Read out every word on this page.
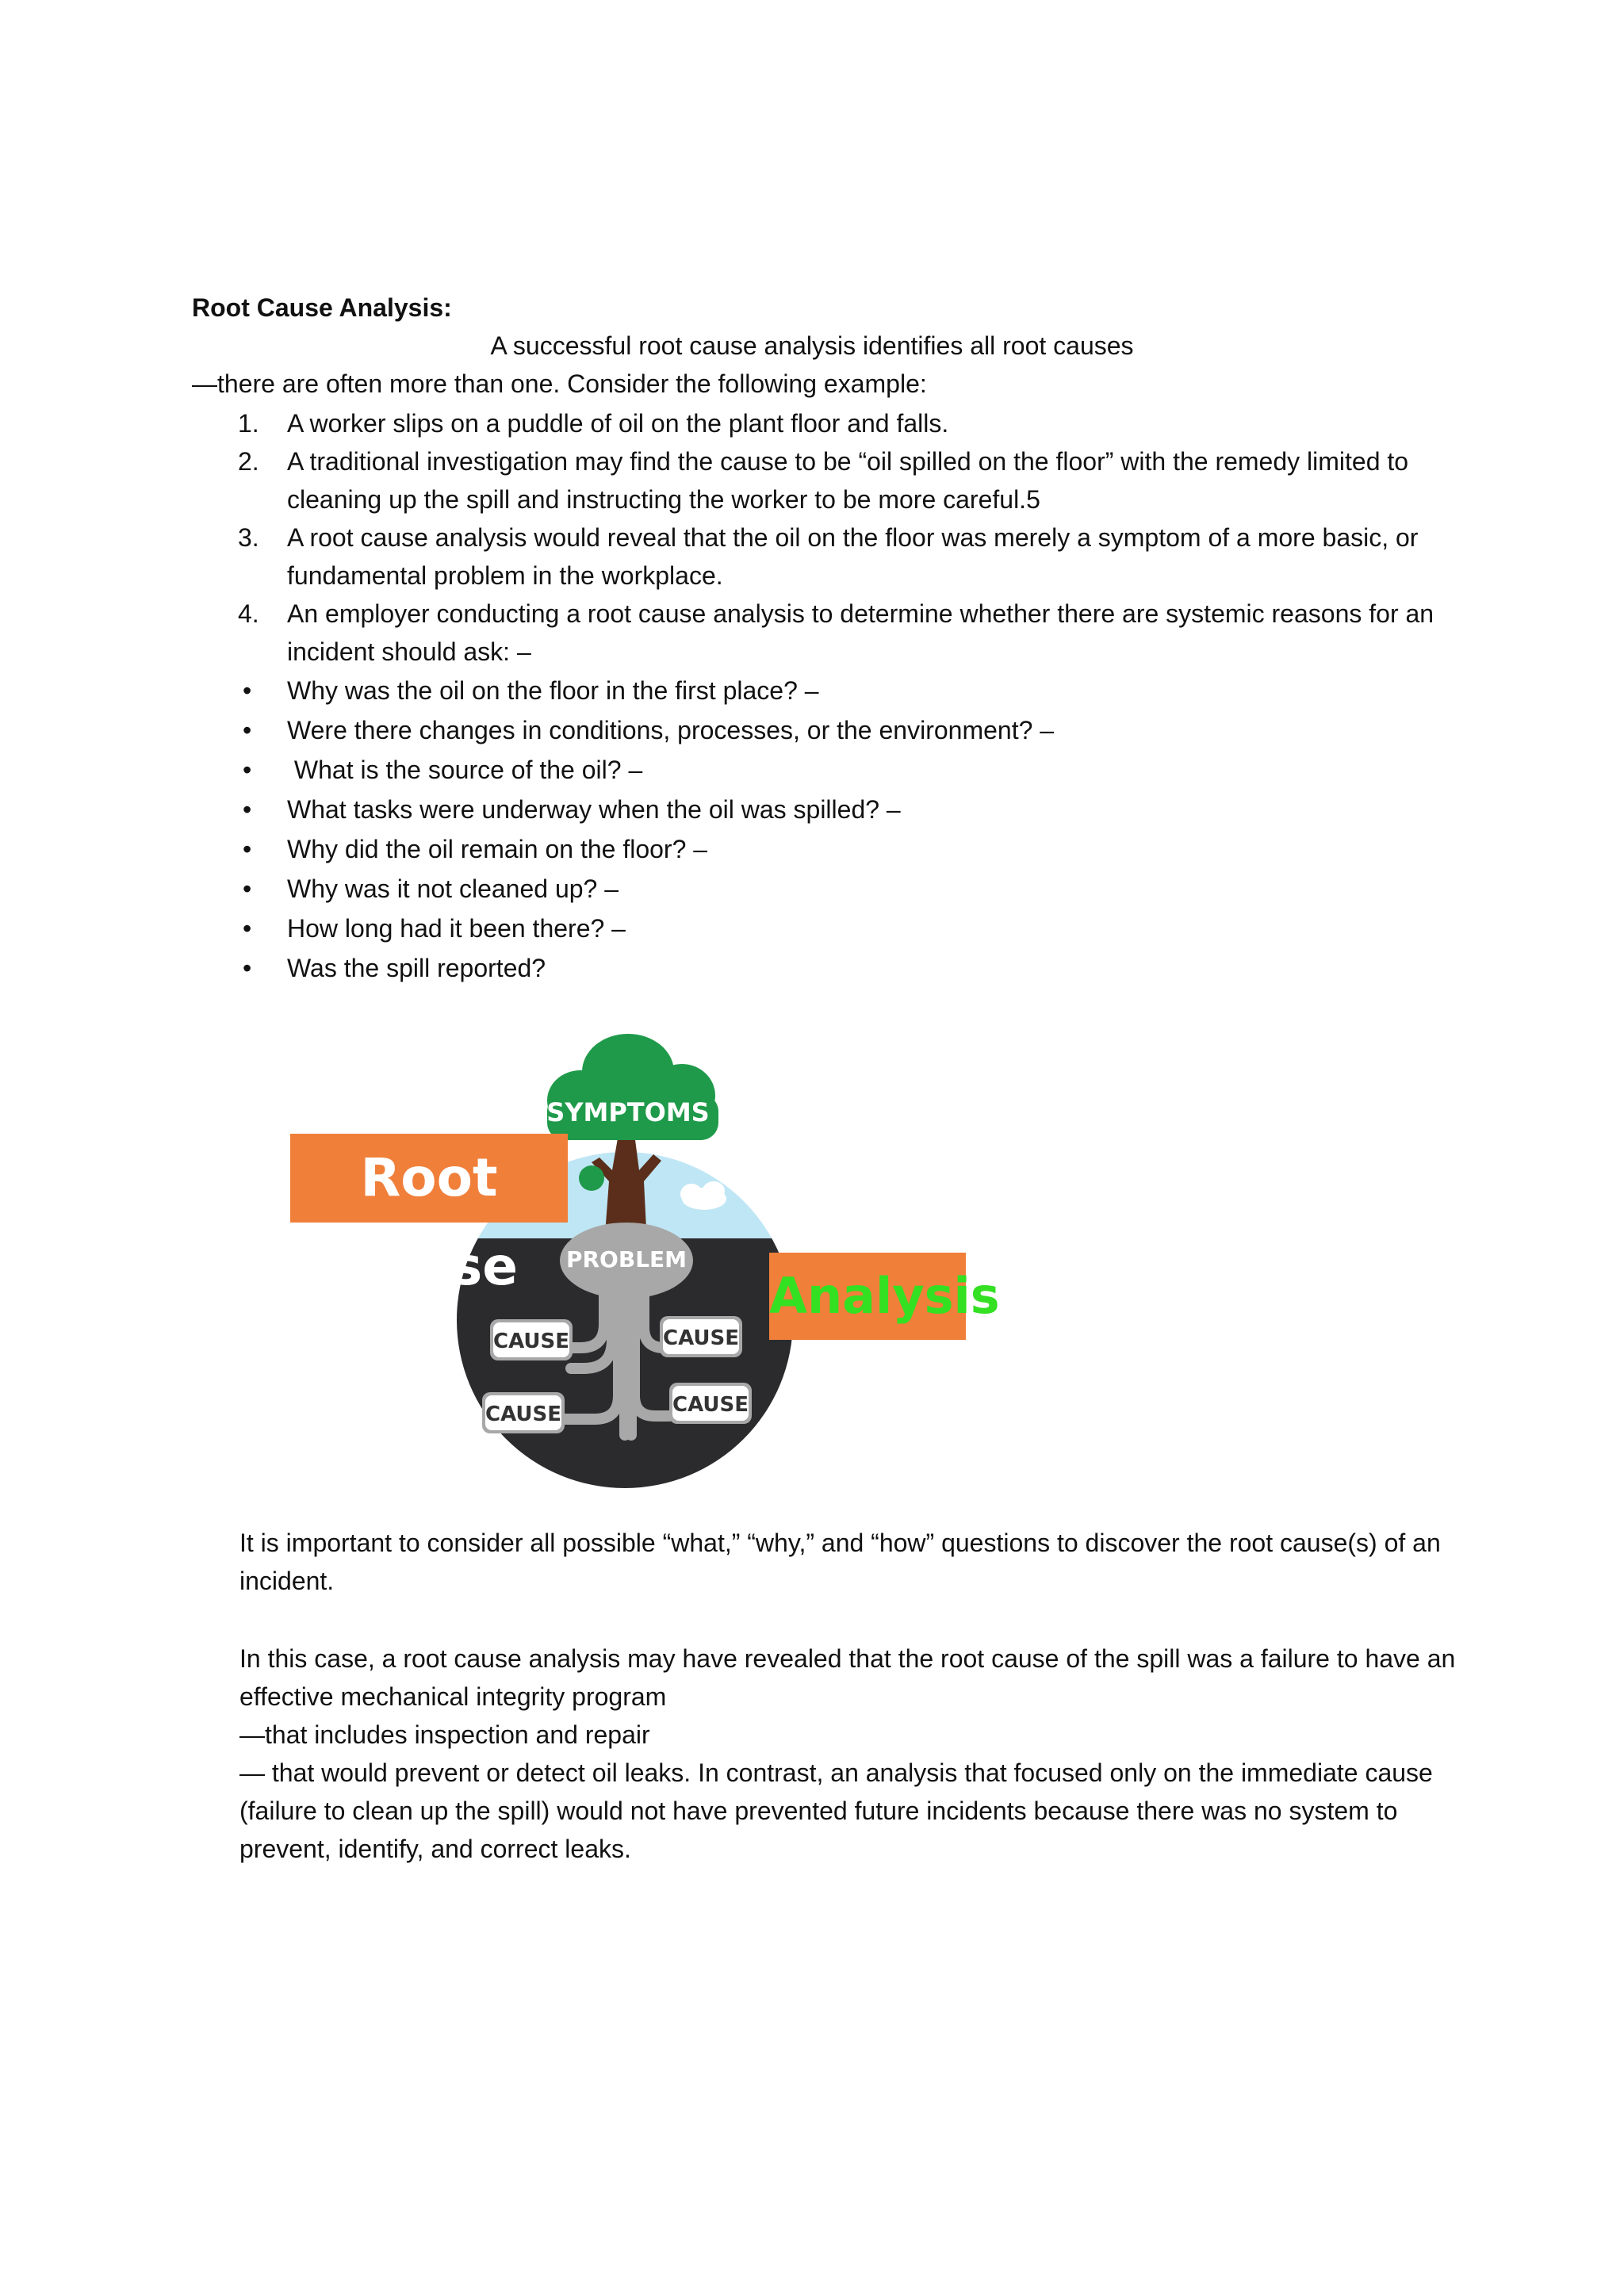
Root Cause Analysis:
A successful root cause analysis identifies all root causes
—there are often more than one. Consider the following example:
1.	A worker slips on a puddle of oil on the plant floor and falls.
2.	A traditional investigation may find the cause to be “oil spilled on the floor” with the remedy limited to cleaning up the spill and instructing the worker to be more careful.5
3.	A root cause analysis would reveal that the oil on the floor was merely a symptom of a more basic, or fundamental problem in the workplace.
4.	An employer conducting a root cause analysis to determine whether there are systemic reasons for an incident should ask: –
•	Why was the oil on the floor in the first place? –
•	Were there changes in conditions, processes, or the environment? –
•	What is the source of the oil? –
•	What tasks were underway when the oil was spilled? –
•	Why did the oil remain on the floor? –
•	Why was it not cleaned up? –
•	How long had it been there? –
•	Was the spill reported?
SYMPTOMS
PROBLEM
CAUSE	CAUSE
CAUSE	CAUSE
Root Cause	Analysis
It is important to consider all possible “what,” “why,” and “how” questions to discover the root cause(s) of an incident.
In this case, a root cause analysis may have revealed that the root cause of the spill was a failure to have an effective mechanical integrity program
—that includes inspection and repair
— that would prevent or detect oil leaks. In contrast, an analysis that focused only on the immediate cause (failure to clean up the spill) would not have prevented future incidents because there was no system to prevent, identify, and correct leaks.
